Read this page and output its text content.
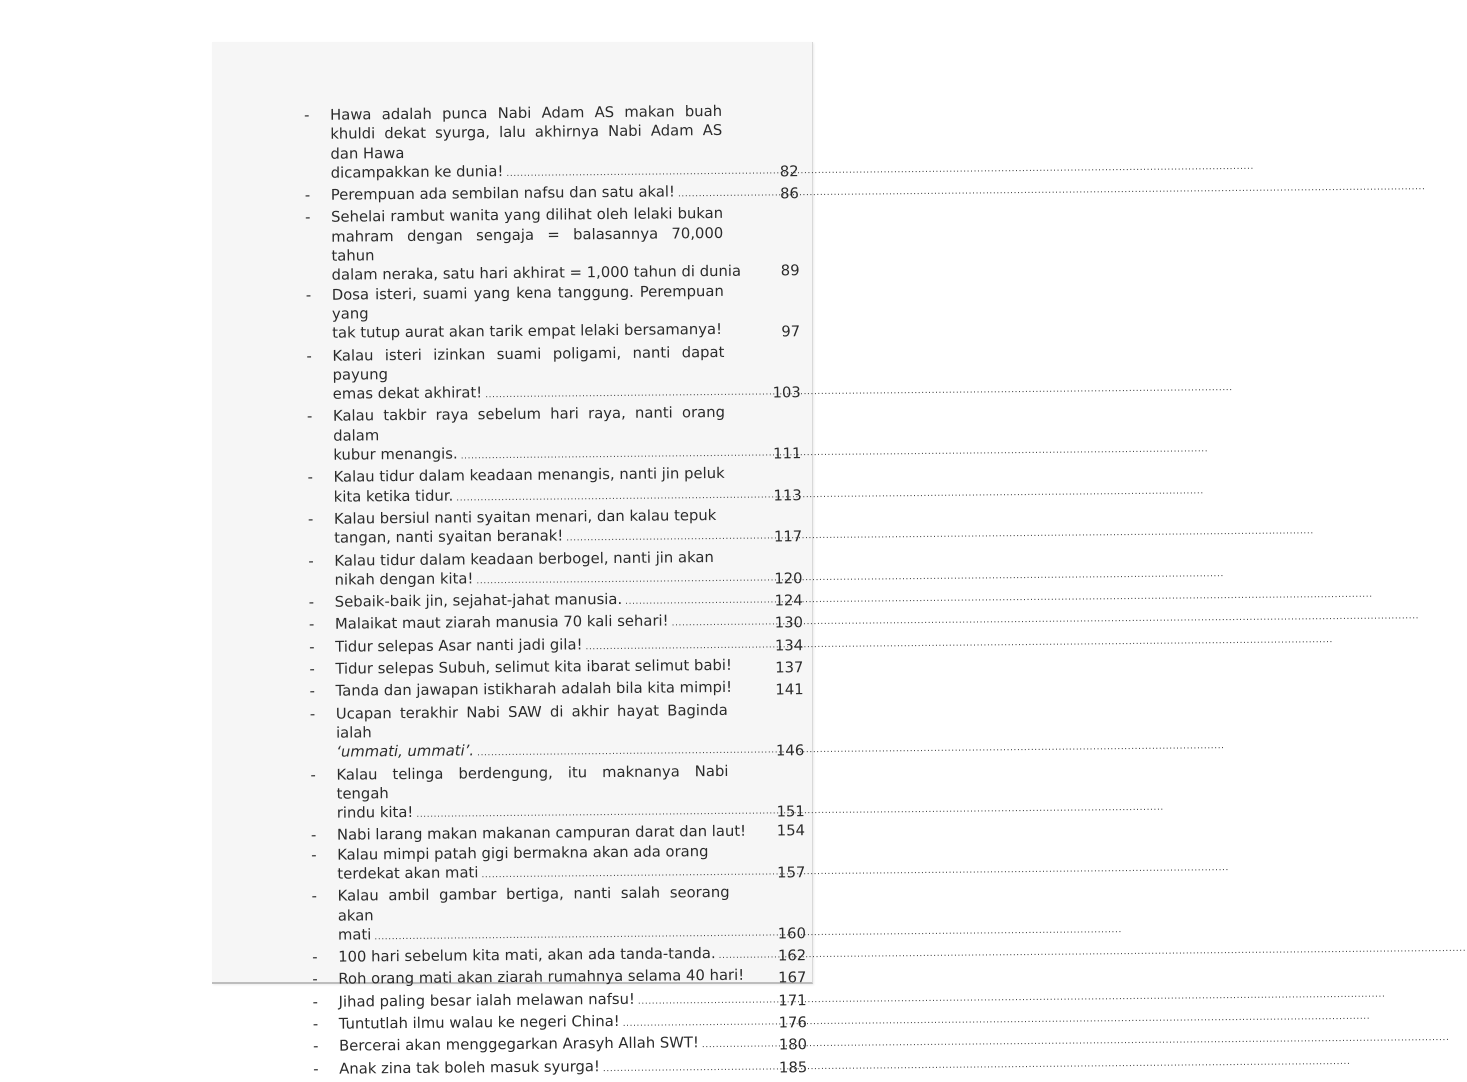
-	Hawa adalah punca Nabi Adam AS makan buah khuldi dekat syurga, lalu akhirnya Nabi Adam AS dan Hawa
dicampakkan ke dunia! .....	82
-	Perempuan ada sembilan nafsu dan satu akal! .....	86
-	Sehelai rambut wanita yang dilihat oleh lelaki bukan mahram dengan sengaja = balasannya 70,000 tahun
dalam neraka, satu hari akhirat = 1,000 tahun di dunia	89
-	Dosa isteri, suami yang kena tanggung. Perempuan yang
tak tutup aurat akan tarik empat lelaki bersamanya! .....	97
-	Kalau isteri izinkan suami poligami, nanti dapat payung
emas dekat akhirat! .....	103
-	Kalau takbir raya sebelum hari raya, nanti orang dalam
kubur menangis. .....	111
-	Kalau tidur dalam keadaan menangis, nanti jin peluk
kita ketika tidur. .....	113
-	Kalau bersiul nanti syaitan menari, dan kalau tepuk
tangan, nanti syaitan beranak! .....	117
-	Kalau tidur dalam keadaan berbogel, nanti jin akan
nikah dengan kita! .....	120
-	Sebaik-baik jin, sejahat-jahat manusia. .....	124
-	Malaikat maut ziarah manusia 70 kali sehari! .....	130
-	Tidur selepas Asar nanti jadi gila! .....	134
-	Tidur selepas Subuh, selimut kita ibarat selimut babi! .....	137
-	Tanda dan jawapan istikharah adalah bila kita mimpi! .....	141
-	Ucapan terakhir Nabi SAW di akhir hayat Baginda ialah
‘ummati, ummati’. .....	146
-	Kalau telinga berdengung, itu maknanya Nabi tengah
rindu kita! .....	151
-	Nabi larang makan makanan campuran darat dan laut!	154
-	Kalau mimpi patah gigi bermakna akan ada orang
terdekat akan mati .....	157
-	Kalau ambil gambar bertiga, nanti salah seorang akan
mati .....	160
-	100 hari sebelum kita mati, akan ada tanda-tanda. .....	162
-	Roh orang mati akan ziarah rumahnya selama 40 hari! .....	167
-	Jihad paling besar ialah melawan nafsu! .....	171
-	Tuntutlah ilmu walau ke negeri China! .....	176
-	Bercerai akan menggegarkan Arasyh Allah SWT! .....	180
-	Anak zina tak boleh masuk syurga! .....	185
